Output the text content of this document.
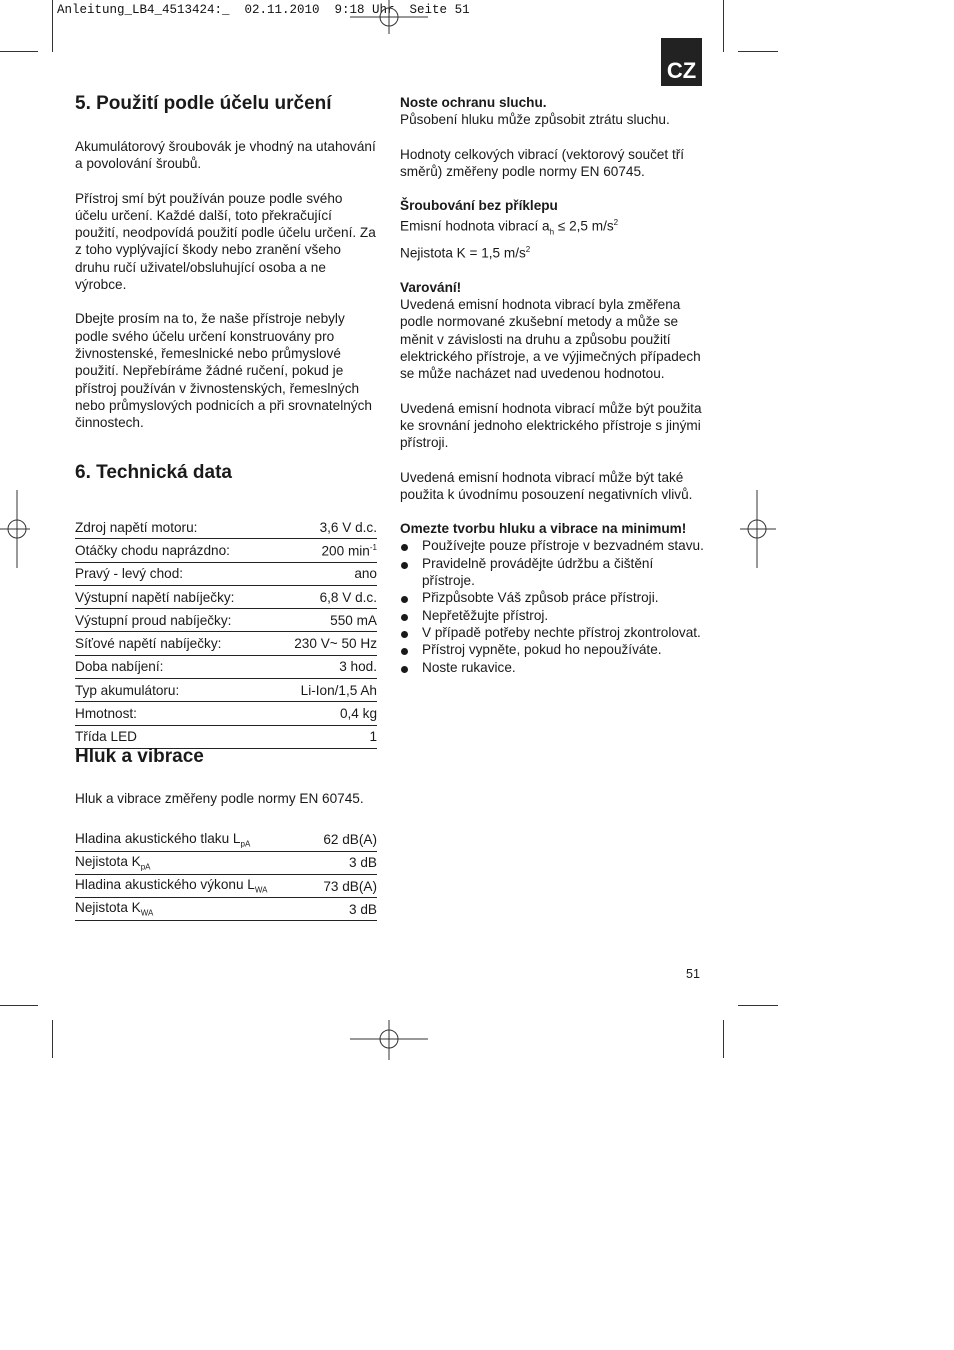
Anleitung_LB4_4513424:_  02.11.2010  9:18 Uhr  Seite 51
CZ
5. Použití podle účelu určení

Akumulátorový šroubovák je vhodný na utahování a povolování šroubů.

Přístroj smí být používán pouze podle svého účelu určení. Každé další, toto překračující použití, neodpovídá použití podle účelu určení. Za z toho vyplývající škody nebo zranění všeho druhu ručí uživatel/obsluhující osoba a ne výrobce.

Dbejte prosím na to, že naše přístroje nebyly podle svého účelu určení konstruovány pro živnostenské, řemeslnické nebo průmyslové použití. Nepřebíráme žádné ručení, pokud je přístroj používán v živnostenských, řemeslných nebo průmyslových podnicích a při srovnatelných činnostech.

6. Technická data
Zdroj napětí motoru:	3,6 V d.c.
Otáčky chodu naprázdno:	200 $\min^{-1}$
Pravý - levý chod:	ano
Výstupní napětí nabíječky:	6,8 V d.c.
Výstupní proud nabíječky:	550 mA
Síťové napětí nabíječky:	230 V~ 50 Hz
Doba nabíjení:	3 hod.
Typ akumulátoru:	Li-Ion/1,5 Ah
Hmotnost:	0,4 kg
Třída LED	1
Hluk a vibrace

Hluk a vibrace změřeny podle normy EN 60745.

Hladina akustického tlaku $L_{pA}$	62 dB(A)
Nejistota $K_{pA}$	3 dB
Hladina akustického výkonu $L_{WA}$	73 dB(A)
Nejistota $K_{WA}$	3 dB

Noste ochranu sluchu.

Působení hluku může způsobit ztrátu sluchu.

Hodnoty celkových vibrací (vektorový součet tří směrů) změřeny podle normy EN 60745.

Šroubování bez příklepu

Emisní hodnota vibrací $a_h \le 2,5$ $m/s^2$

Nejistota K = 1,5 $m/s^2$

Varování!

Uvedená emisní hodnota vibrací byla změřena podle normované zkušební metody a může se měnit v závislosti na druhu a způsobu použití elektrického přístroje, a ve výjimečných případech se může nacházet nad uvedenou hodnotou.

Uvedená emisní hodnota vibrací může být použita ke srovnání jednoho elektrického přístroje s jinými přístroji.

Uvedená emisní hodnota vibrací může být také použita k úvodnímu posouzení negativních vlivů.

Omezte tvorbu hluku a vibrace na minimum!

Používejte pouze přístroje v bezvadném stavu.
Pravidelně provádějte údržbu a čištění přístroje.
Přizpůsobte Váš způsob práce přístroji.
Nepřetěžujte přístroj.
V případě potřeby nechte přístroj zkontrolovat.
Přístroj vypněte, pokud ho nepoužíváte.
Noste rukavice.
51
